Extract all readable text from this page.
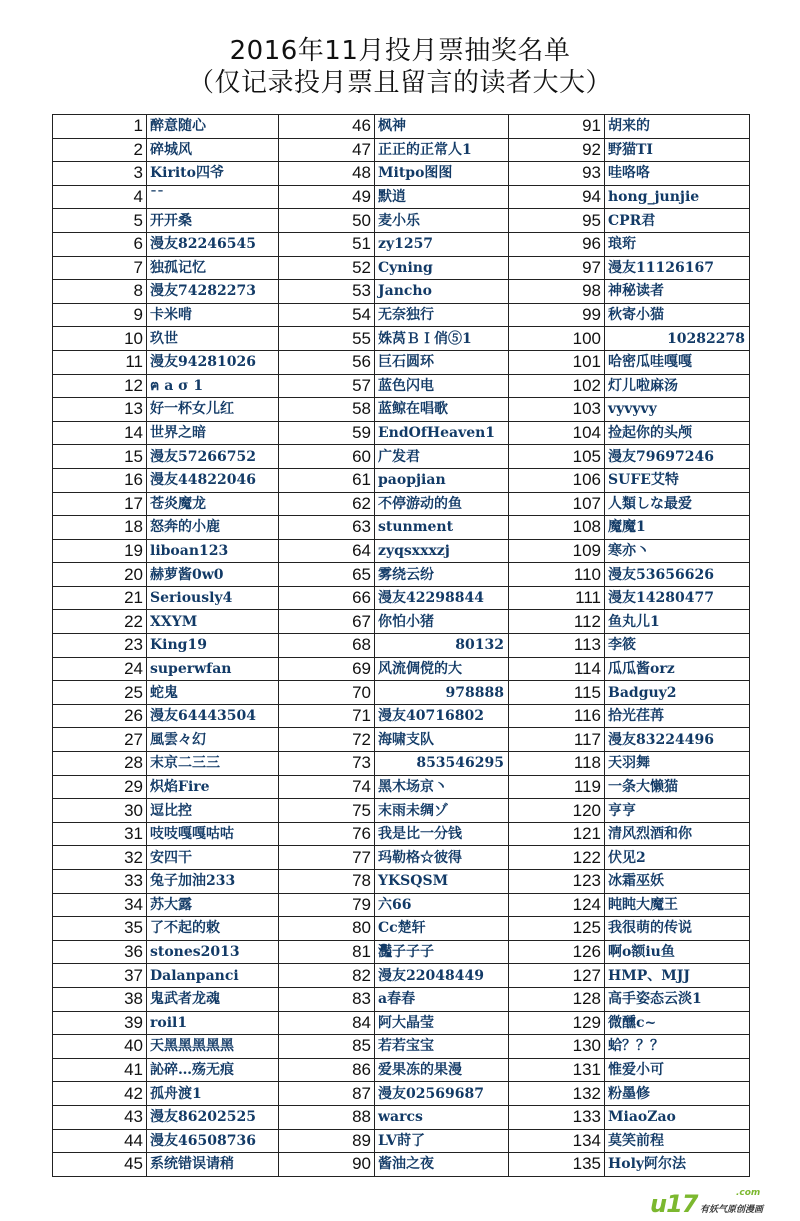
2016年11月投月票抽奖名单
（仅记录投月票且留言的读者大大）
1	醉意随心	46	枫神	91	胡来的
2	碎城风	47	正正的正常人1	92	野猫TI
3	Kirito四爷	48	Mitpo图图	93	哇咯咯
4	ˉˉ	49	默逍	94	hong_junjie
5	开开桑	50	麦小乐	95	CPR君
6	漫友82246545	51	zy1257	96	琅珩
7	独孤记忆	52	Cyning	97	漫友11126167
8	漫友74282273	53	Jancho	98	神秘读者
9	卡米啃	54	无奈独行	99	秋寄小猫
10	玖世	55	姝莴ＢＩ俏⑤1	100	10282278
11	漫友94281026	56	巨石圆环	101	哈密瓜哇嘎嘎
12	ฅ a σ 1	57	蓝色闪电	102	灯儿啦麻汤
13	好一杯女儿红	58	蓝鲸在唱歌	103	vyvyvy
14	世界之暗	59	EndOfHeaven1	104	捡起你的头颅
15	漫友57266752	60	广发君	105	漫友79697246
16	漫友44822046	61	paopjian	106	SUFE艾特
17	苍炎魔龙	62	不停游动的鱼	107	人類しな最爱
18	怒奔的小鹿	63	stunment	108	魔魔1
19	liboan123	64	zyqsxxxzj	109	寒亦丶
20	赫萝酱0w0	65	雾绕云纷	110	漫友53656626
21	Seriously4	66	漫友42298844	111	漫友14280477
22	XXYM	67	你怕小猪	112	鱼丸儿1
23	King19	68	80132	113	李筱
24	superwfan	69	风流倜傥的大	114	瓜瓜酱orz
25	蛇鬼	70	978888	115	Badguy2
26	漫友64443504	71	漫友40716802	116	拾光荏苒
27	風雲々幻	72	海啸支队	117	漫友83224496
28	末京二三三	73	853546295	118	天羽舞
29	炽焰Fire	74	黑木场京丶	119	一条大懒猫
30	逗比控	75	末雨未绸ゾ	120	亨亨
31	吱吱嘎嘎咕咕	76	我是比一分钱	121	清风烈酒和你
32	安四干	77	玛勒格☆彼得	122	伏见2
33	兔子加油233	78	YKSQSM	123	冰霜巫妖
34	苏大露	79	六66	124	盹盹大魔王
35	了不起的敕	80	Cc楚轩	125	我很萌的传说
36	stones2013	81	灩子子子	126	啊o额iu鱼
37	Dalanpanci	82	漫友22048449	127	HMP、MJJ
38	鬼武者龙魂	83	a春春	128	高手姿态云淡1
39	roil1	84	阿大晶莹	129	微醺c~
40	天黑黑黑黑黑	85	若若宝宝	130	蛤？？？
41	訫碎…殇无痕	86	爱果冻的果漫	131	惟爱小可
42	孤舟渡1	87	漫友02569687	132	粉墨修
43	漫友86202525	88	warcs	133	MiaoZao
44	漫友46508736	89	LV莳了	134	莫笑前程
45	系统错误请稍	90	酱油之夜	135	Holy阿尔法
u17	.com
有妖气原创漫画
